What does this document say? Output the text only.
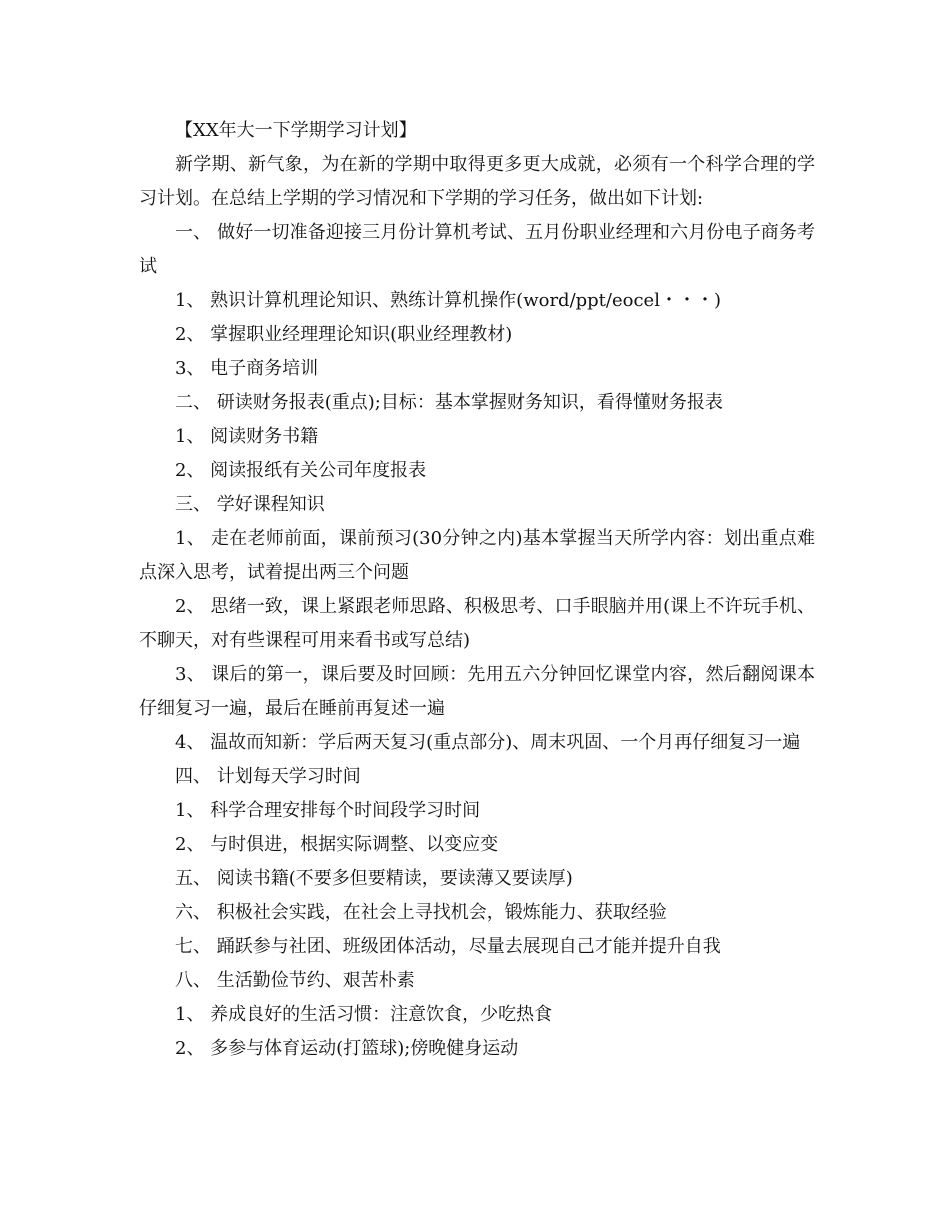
【XX年大一下学期学习计划】

新学期、新气象，为在新的学期中取得更多更大成就，必须有一个科学合理的学习计划。在总结上学期的学习情况和下学期的学习任务，做出如下计划:

一、 做好一切准备迎接三月份计算机考试、五月份职业经理和六月份电子商务考试

1、 熟识计算机理论知识、熟练计算机操作(word/ppt/eocel・・・)

2、 掌握职业经理理论知识(职业经理教材)

3、 电子商务培训

二、 研读财务报表(重点);目标：基本掌握财务知识，看得懂财务报表

1、 阅读财务书籍

2、 阅读报纸有关公司年度报表

三、 学好课程知识

1、 走在老师前面，课前预习(30分钟之内)基本掌握当天所学内容：划出重点难点深入思考，试着提出两三个问题

2、 思绪一致，课上紧跟老师思路、积极思考、口手眼脑并用(课上不许玩手机、不聊天，对有些课程可用来看书或写总结)

3、 课后的第一，课后要及时回顾：先用五六分钟回忆课堂内容，然后翻阅课本仔细复习一遍，最后在睡前再复述一遍

4、 温故而知新：学后两天复习(重点部分)、周末巩固、一个月再仔细复习一遍

四、 计划每天学习时间

1、 科学合理安排每个时间段学习时间

2、 与时俱进，根据实际调整、以变应变

五、 阅读书籍(不要多但要精读，要读薄又要读厚)

六、 积极社会实践，在社会上寻找机会，锻炼能力、获取经验

七、 踊跃参与社团、班级团体活动，尽量去展现自己才能并提升自我

八、 生活勤俭节约、艰苦朴素

1、 养成良好的生活习惯：注意饮食，少吃热食

2、 多参与体育运动(打篮球);傍晚健身运动
